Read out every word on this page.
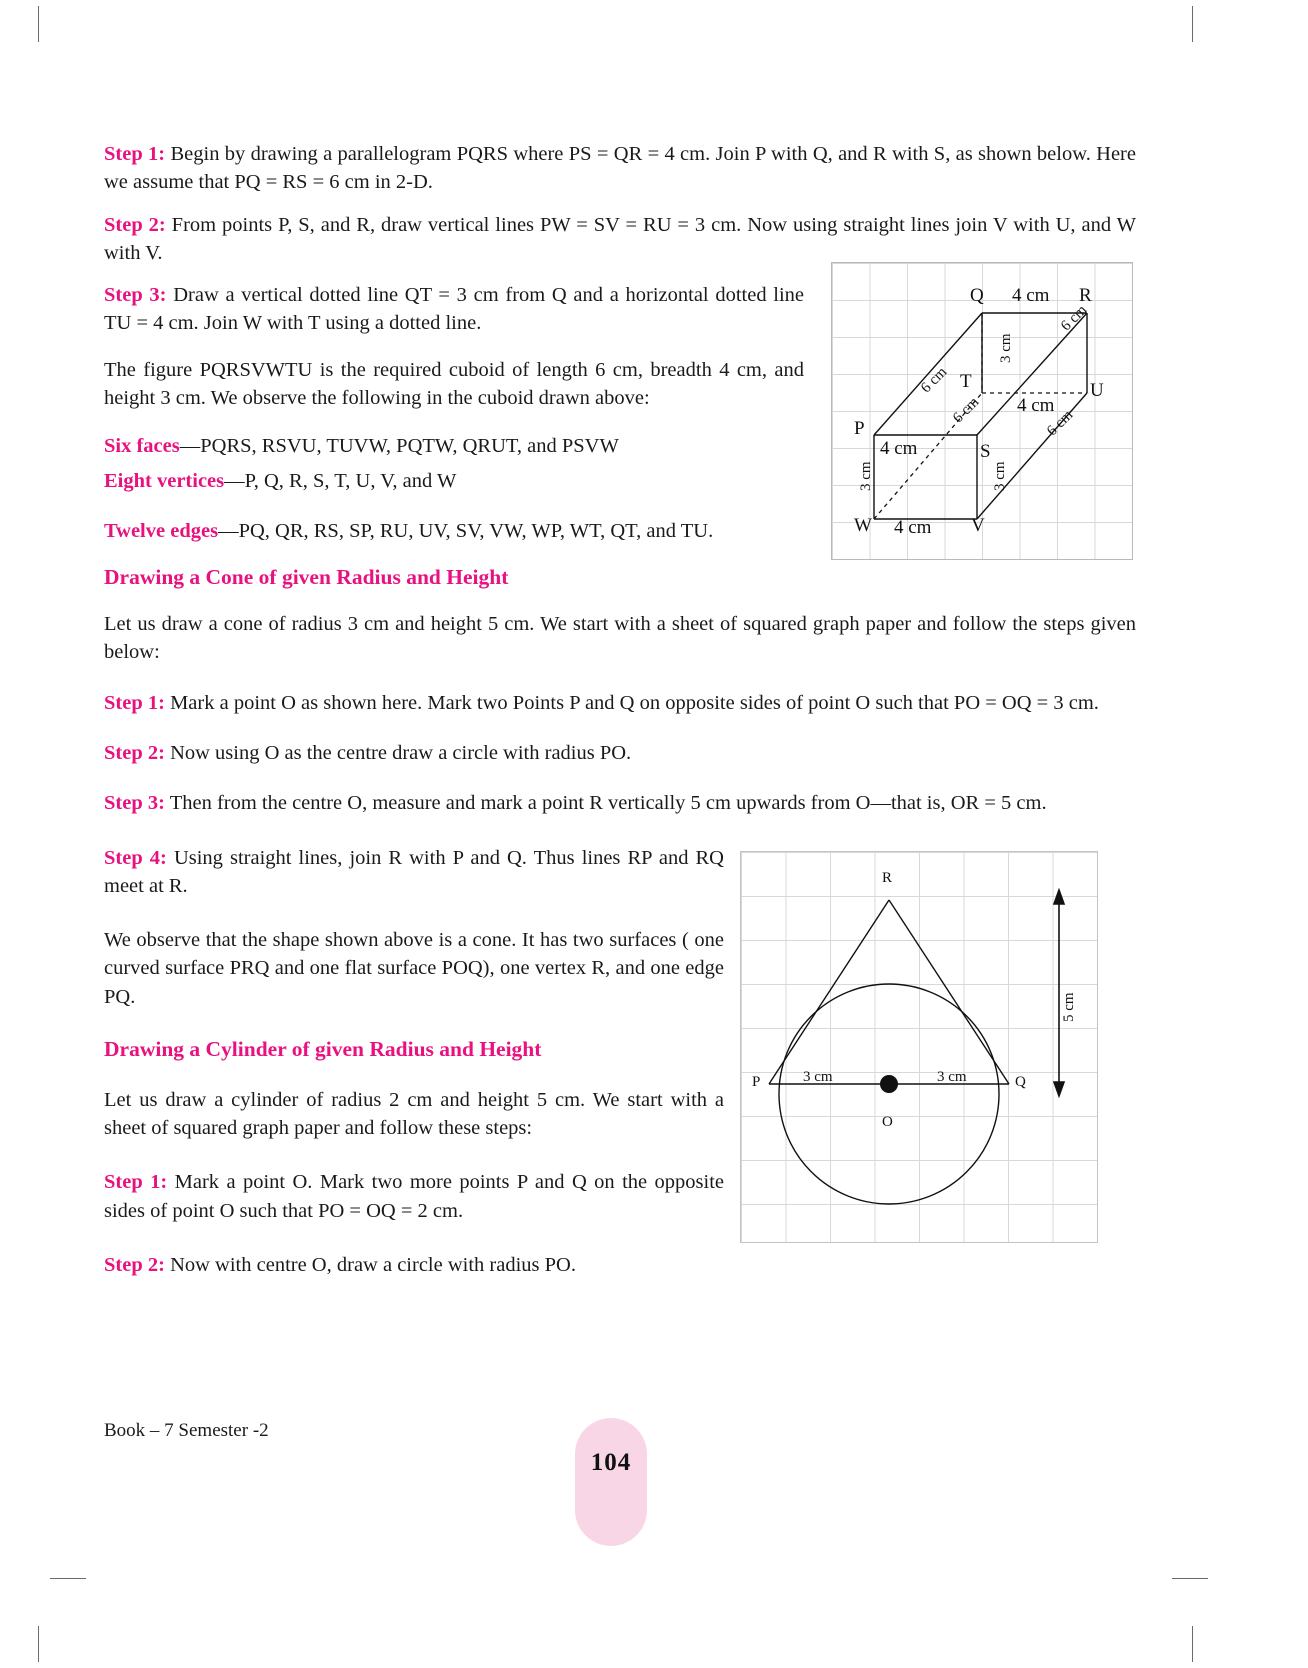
Step 1: Begin by drawing a parallelogram PQRS where PS = QR = 4 cm. Join P with Q, and R with S, as shown below. Here we assume that PQ = RS = 6 cm in 2-D.

Step 2: From points P, S, and R, draw vertical lines PW = SV = RU = 3 cm. Now using straight lines join V with U, and W with V.

Step 3: Draw a vertical dotted line QT = 3 cm from Q and a horizontal dotted line TU = 4 cm. Join W with T using a dotted line.

The figure PQRSVWTU is the required cuboid of length 6 cm, breadth 4 cm, and height 3 cm. We observe the following in the cuboid drawn above:

Six faces—PQRS, RSVU, TUVW, PQTW, QRUT, and PSVW

Eight vertices—P, Q, R, S, T, U, V, and W

Twelve edges—PQ, QR, RS, SP, RU, UV, SV, VW, WP, WT, QT, and TU.

Drawing a Cone of given Radius and Height

Let us draw a cone of radius 3 cm and height 5 cm. We start with a sheet of squared graph paper and follow the steps given below:

Step 1: Mark a point O as shown here. Mark two Points P and Q on opposite sides of point O such that PO = OQ = 3 cm.

Step 2: Now using O as the centre draw a circle with radius PO.

Step 3: Then from the centre O, measure and mark a point R vertically 5 cm upwards from O—that is, OR = 5 cm.

Step 4: Using straight lines, join R with P and Q. Thus lines RP and RQ meet at R.

We observe that the shape shown above is a cone. It has two surfaces ( one curved surface PRQ and one flat surface POQ), one vertex R, and one edge PQ.

Drawing a Cylinder of given Radius and Height

Let us draw a cylinder of radius 2 cm and height 5 cm. We start with a sheet of squared graph paper and follow these steps:

Step 1: Mark a point O. Mark two more points P and Q on the opposite sides of point O such that PO = OQ = 2 cm.

Step 2: Now with centre O, draw a circle with radius PO.

Q	R
U
T
P
S
V
W
4 cm
3 cm
6 cm
6 cm
4 cm
6 cm
4 cm
3 cm	3 cm
6 cm
4 cm
R
P	Q
O
3 cm	3 cm
5 cm
Book – 7 Semester -2
104
